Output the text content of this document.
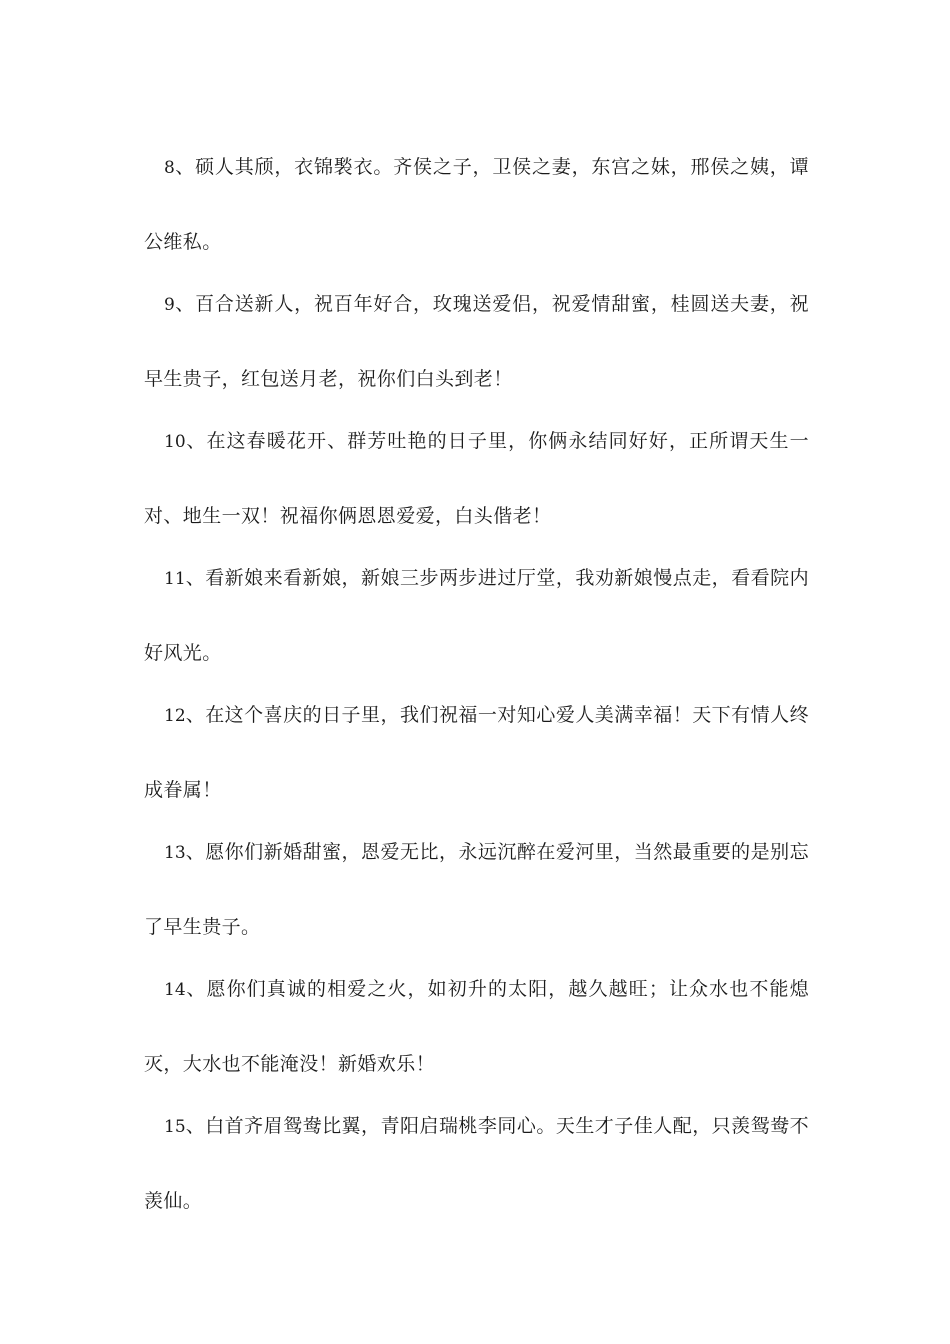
8、硕人其颀，衣锦褧衣。齐侯之子，卫侯之妻，东宫之妹，邢侯之姨，谭公维私。

9、百合送新人，祝百年好合，玫瑰送爱侣，祝爱情甜蜜，桂圆送夫妻，祝早生贵子，红包送月老，祝你们白头到老！

10、在这春暖花开、群芳吐艳的日子里，你俩永结同好好，正所谓天生一对、地生一双！祝福你俩恩恩爱爱，白头偕老！

11、看新娘来看新娘，新娘三步两步进过厅堂，我劝新娘慢点走，看看院内好风光。

12、在这个喜庆的日子里，我们祝福一对知心爱人美满幸福！天下有情人终成眷属！

13、愿你们新婚甜蜜，恩爱无比，永远沉醉在爱河里，当然最重要的是别忘了早生贵子。

14、愿你们真诚的相爱之火，如初升的太阳，越久越旺；让众水也不能熄灭，大水也不能淹没！新婚欢乐！

15、白首齐眉鸳鸯比翼，青阳启瑞桃李同心。天生才子佳人配，只羡鸳鸯不羡仙。
